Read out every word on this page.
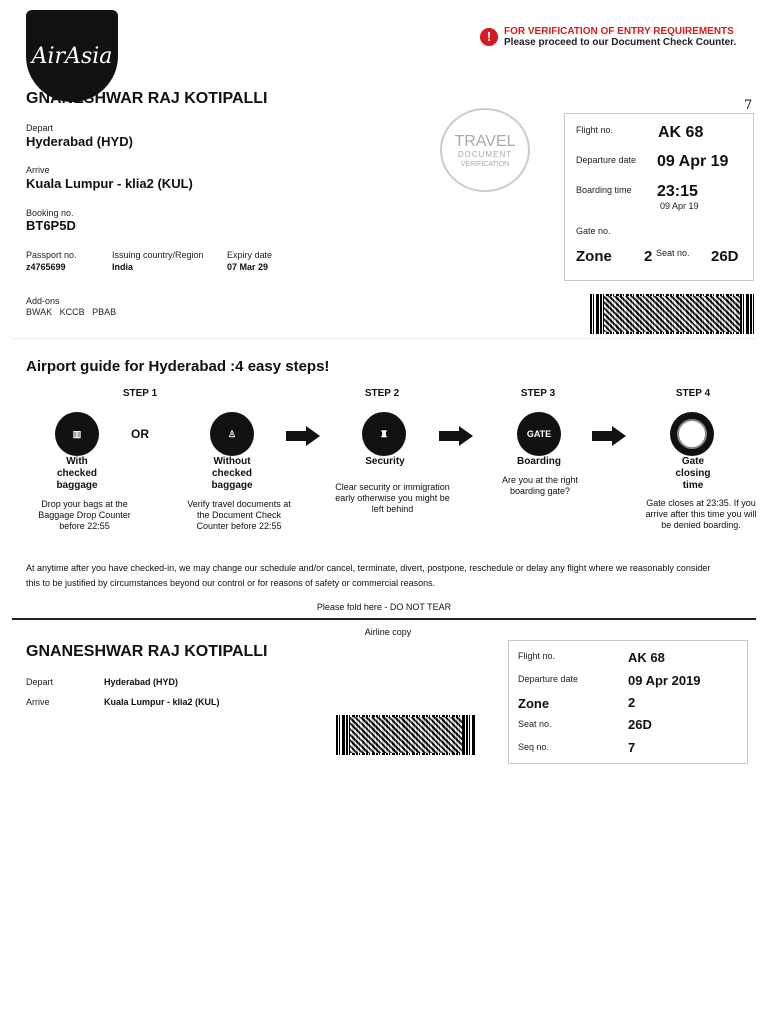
AirAsia
!	FOR VERIFICATION OF ENTRY REQUIREMENTS
Please proceed to our Document Check Counter.
GNANESHWAR RAJ KOTIPALLI	7
Depart
Hyderabad (HYD)
Arrive
Kuala Lumpur - klia2 (KUL)
Booking no.
BT6P5D
Passport no.
z4765699
Issuing country/Region
India
Expiry date
07 Mar 29
Add-ons
BWAK   KCCB   PBAB
TRAVEL
DOCUMENT
VERIFICATION
Flight no.	AK 68
Departure date 09 Apr 19
Boarding time 23:15
09 Apr 19
Gate no.
Zone 2 Seat no. 26D
Airport guide for Hyderabad :4 easy steps!
STEP 1	STEP 2	STEP 3	STEP 4
▥	OR	♙	♜	GATE
With checked baggage
Drop your bags at the Baggage Drop Counter before 22:55
Without checked baggage
Verify travel documents at the Document Check Counter before 22:55
Security
Clear security or immigration early otherwise you might be left behind
Boarding
Are you at the right boarding gate?
Gate closing time
Gate closes at 23:35. If you arrive after this time you will be denied boarding.
At anytime after you have checked-in, we may change our schedule and/or cancel, terminate, divert, postpone, reschedule or delay any flight where we reasonably consider this to be justified by circumstances beyond our control or for reasons of safety or commercial reasons.
Please fold here - DO NOT TEAR
Airline copy
GNANESHWAR RAJ KOTIPALLI
Depart	Hyderabad (HYD)
Arrive	Kuala Lumpur - klia2 (KUL)
Flight no.	AK 68
Departure date	09 Apr 2019
Zone	2
Seat no.	26D
Seq no.	7
